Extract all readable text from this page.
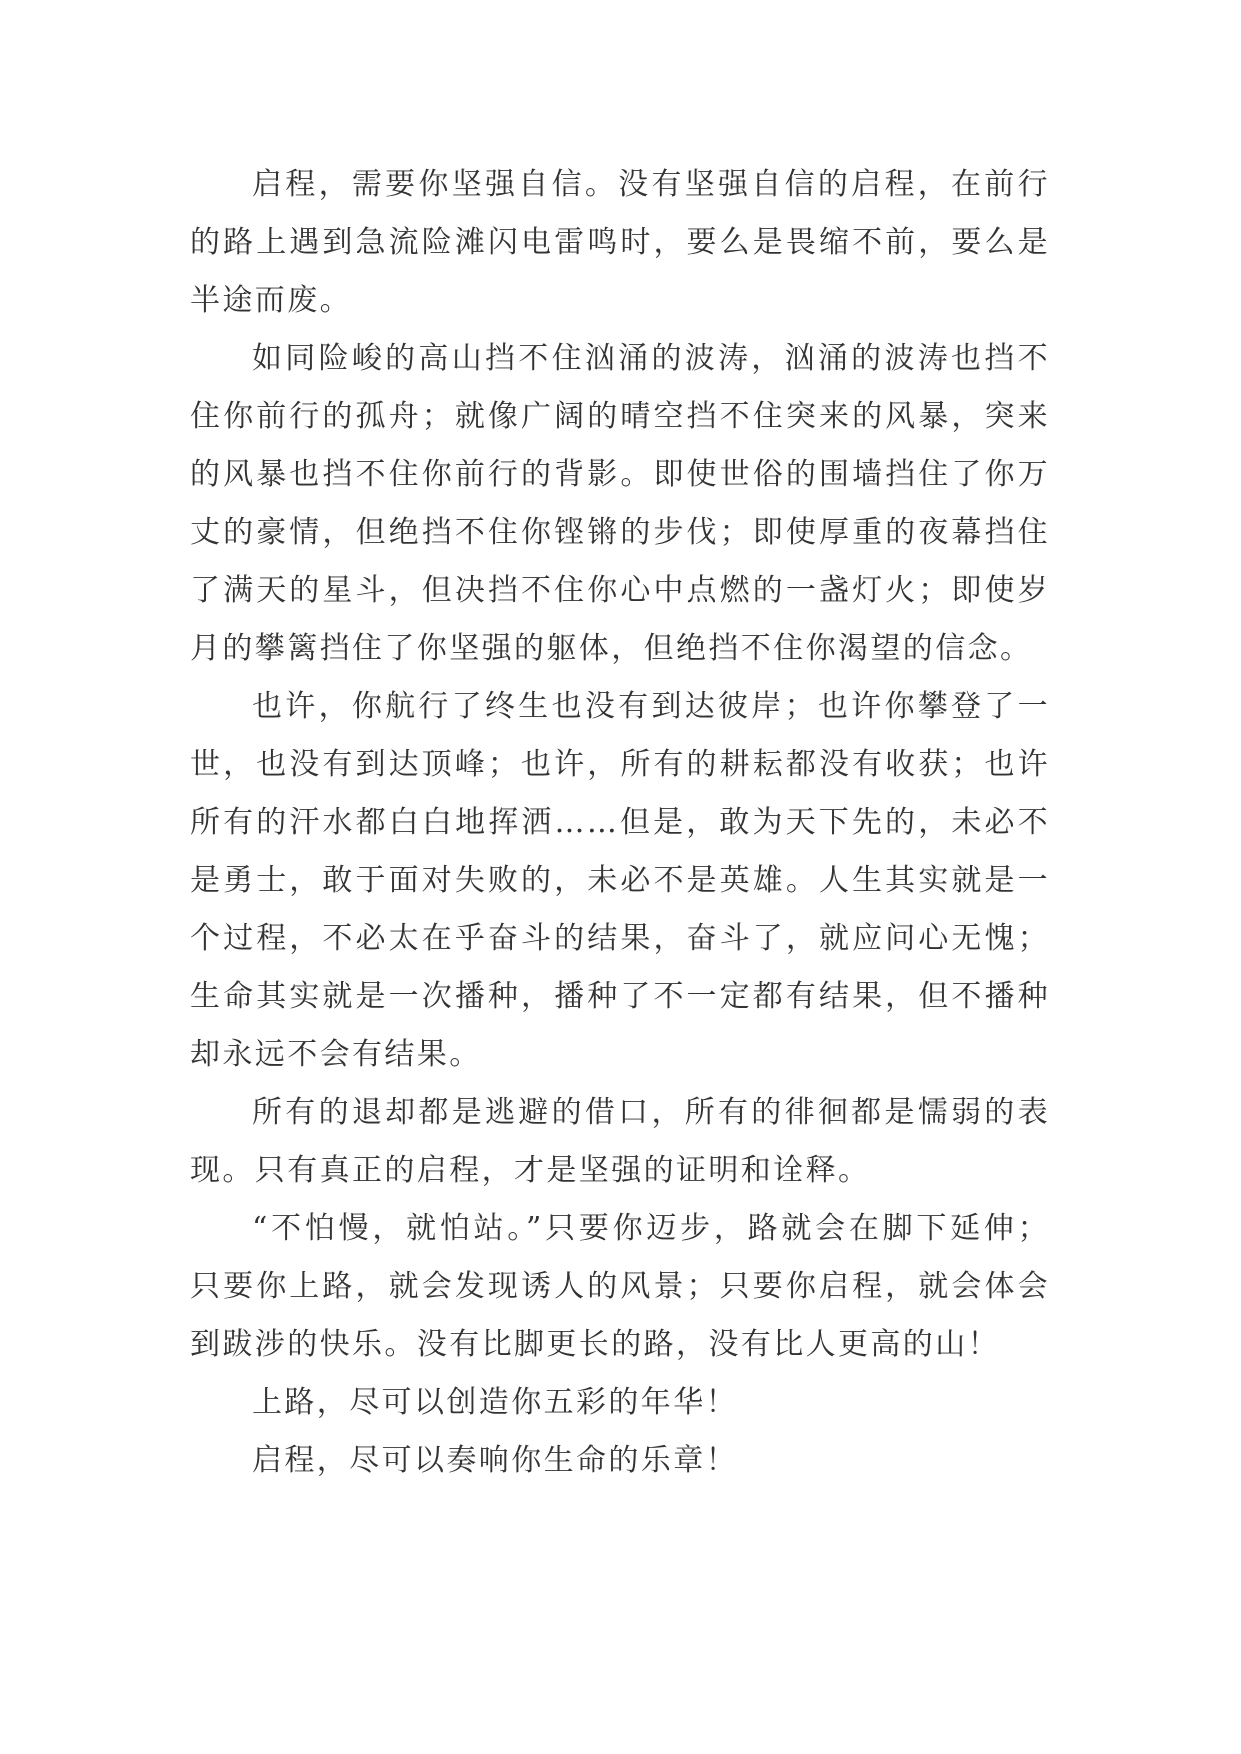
启程，需要你坚强自信。没有坚强自信的启程，在前行的路上遇到急流险滩闪电雷鸣时，要么是畏缩不前，要么是半途而废。

如同险峻的高山挡不住汹涌的波涛，汹涌的波涛也挡不住你前行的孤舟；就像广阔的晴空挡不住突来的风暴，突来的风暴也挡不住你前行的背影。即使世俗的围墙挡住了你万丈的豪情，但绝挡不住你铿锵的步伐；即使厚重的夜幕挡住了满天的星斗，但决挡不住你心中点燃的一盏灯火；即使岁月的攀篱挡住了你坚强的躯体，但绝挡不住你渴望的信念。

也许，你航行了终生也没有到达彼岸；也许你攀登了一世，也没有到达顶峰；也许，所有的耕耘都没有收获；也许所有的汗水都白白地挥洒……但是，敢为天下先的，未必不是勇士，敢于面对失败的，未必不是英雄。人生其实就是一个过程，不必太在乎奋斗的结果，奋斗了，就应问心无愧；生命其实就是一次播种，播种了不一定都有结果，但不播种却永远不会有结果。

所有的退却都是逃避的借口，所有的徘徊都是懦弱的表现。只有真正的启程，才是坚强的证明和诠释。

“不怕慢，就怕站。”只要你迈步，路就会在脚下延伸；只要你上路，就会发现诱人的风景；只要你启程，就会体会到跋涉的快乐。没有比脚更长的路，没有比人更高的山！

上路，尽可以创造你五彩的年华！

启程，尽可以奏响你生命的乐章！
